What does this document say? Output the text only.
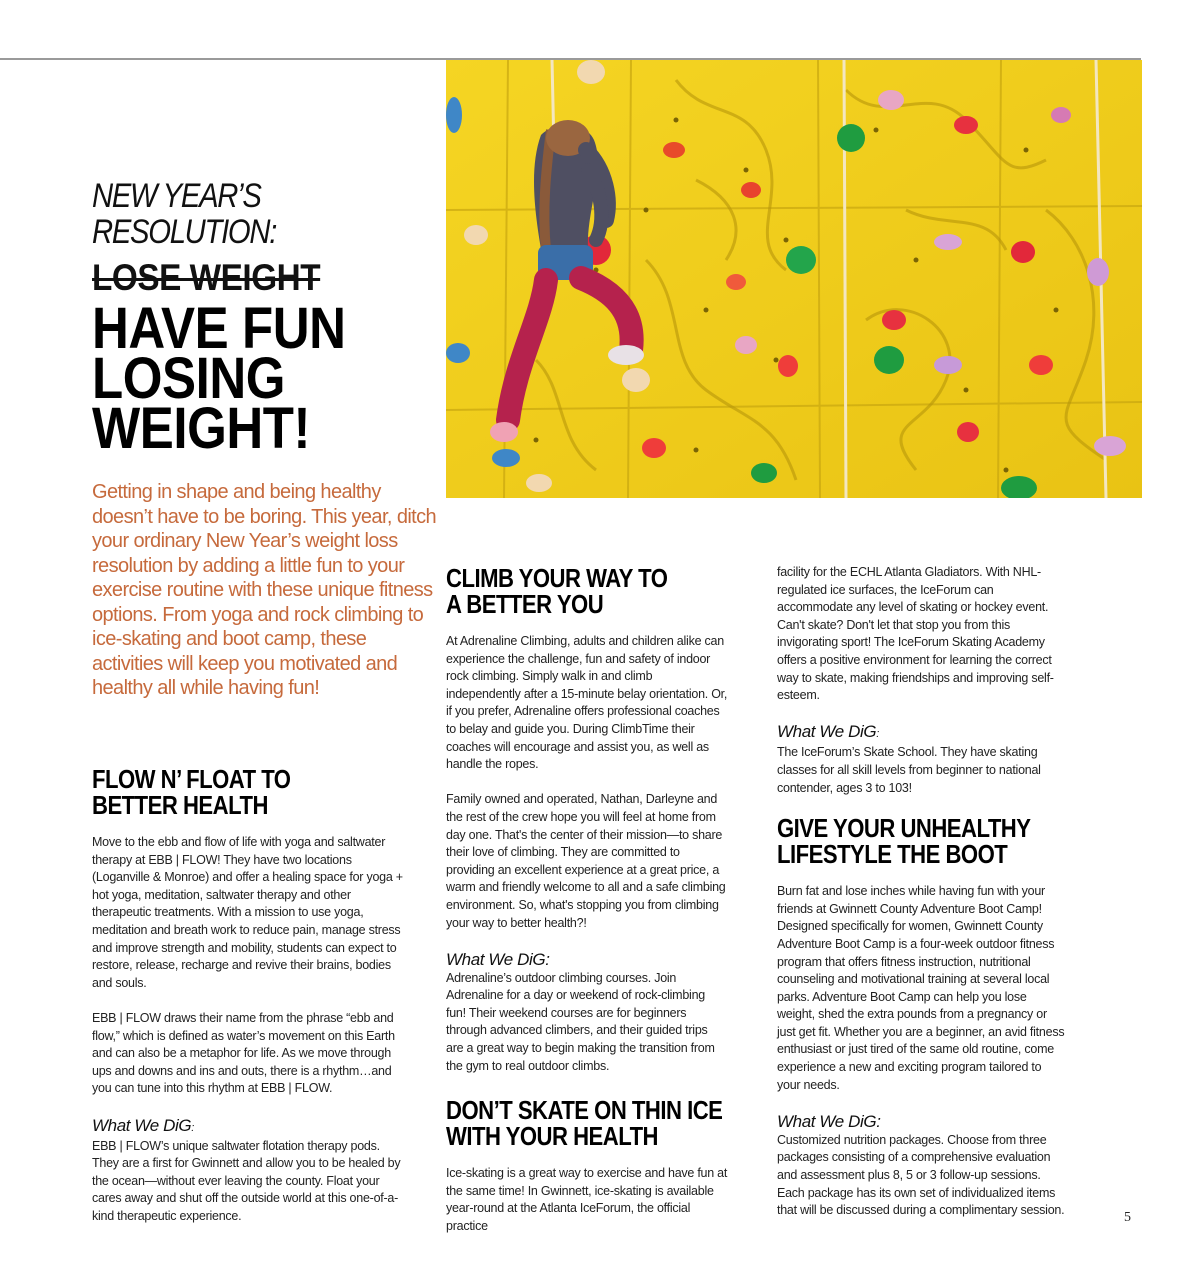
NEW YEAR’S
RESOLUTION:
LOSE WEIGHT
HAVE FUN
LOSING
WEIGHT!
Getting in shape and being healthy doesn’t have to be boring. This year, ditch your ordinary New Year’s weight loss resolution by adding a little fun to your exercise routine with these unique fitness options. From yoga and rock climbing to ice-skating and boot camp, these activities will keep you motivated and healthy all while having fun!
FLOW N’ FLOAT TO
BETTER HEALTH

Move to the ebb and flow of life with yoga and saltwater therapy at EBB | FLOW! They have two locations (Loganville & Monroe) and offer a healing space for yoga + hot yoga, meditation, saltwater therapy and other therapeutic treatments. With a mission to use yoga, meditation and breath work to reduce pain, manage stress and improve strength and mobility, students can expect to restore, release, recharge and revive their brains, bodies and souls.

EBB | FLOW draws their name from the phrase “ebb and flow,” which is defined as water’s movement on this Earth and can also be a metaphor for life. As we move through ups and downs and ins and outs, there is a rhythm…and you can tune into this rhythm at EBB | FLOW.

What We DiG:

EBB | FLOW’s unique saltwater flotation therapy pods. They are a first for Gwinnett and allow you to be healed by the ocean—without ever leaving the county. Float your cares away and shut off the outside world at this one-of-a-kind therapeutic experience.

CLIMB YOUR WAY TO
A BETTER YOU

At Adrenaline Climbing, adults and children alike can experience the challenge, fun and safety of indoor rock climbing. Simply walk in and climb independently after a 15-minute belay orientation. Or, if you prefer, Adrenaline offers professional coaches to belay and guide you. During ClimbTime their coaches will encourage and assist you, as well as handle the ropes.

Family owned and operated, Nathan, Darleyne and the rest of the crew hope you will feel at home from day one. That's the center of their mission—to share their love of climbing. They are committed to providing an excellent experience at a great price, a warm and friendly welcome to all and a safe climbing environment. So, what's stopping you from climbing your way to better health?!

What We DiG:

Adrenaline’s outdoor climbing courses. Join Adrenaline for a day or weekend of rock-climbing fun! Their weekend courses are for beginners through advanced climbers, and their guided trips are a great way to begin making the transition from the gym to real outdoor climbs.

DON’T SKATE ON THIN ICE
WITH YOUR HEALTH

Ice-skating is a great way to exercise and have fun at the same time! In Gwinnett, ice-skating is available year-round at the Atlanta IceForum, the official practice

facility for the ECHL Atlanta Gladiators. With NHL-regulated ice surfaces, the IceForum can accommodate any level of skating or hockey event. Can't skate? Don't let that stop you from this invigorating sport! The IceForum Skating Academy offers a positive environment for learning the correct way to skate, making friendships and improving self-esteem.

What We DiG:

The IceForum’s Skate School. They have skating classes for all skill levels from beginner to national contender, ages 3 to 103!

GIVE YOUR UNHEALTHY
LIFESTYLE THE BOOT

Burn fat and lose inches while having fun with your friends at Gwinnett County Adventure Boot Camp! Designed specifically for women, Gwinnett County Adventure Boot Camp is a four-week outdoor fitness program that offers fitness instruction, nutritional counseling and motivational training at several local parks. Adventure Boot Camp can help you lose weight, shed the extra pounds from a pregnancy or just get fit. Whether you are a beginner, an avid fitness enthusiast or just tired of the same old routine, come experience a new and exciting program tailored to your needs.

What We DiG:

Customized nutrition packages. Choose from three packages consisting of a comprehensive evaluation and assessment plus 8, 5 or 3 follow-up sessions. Each package has its own set of individualized items that will be discussed during a complimentary session.	5
